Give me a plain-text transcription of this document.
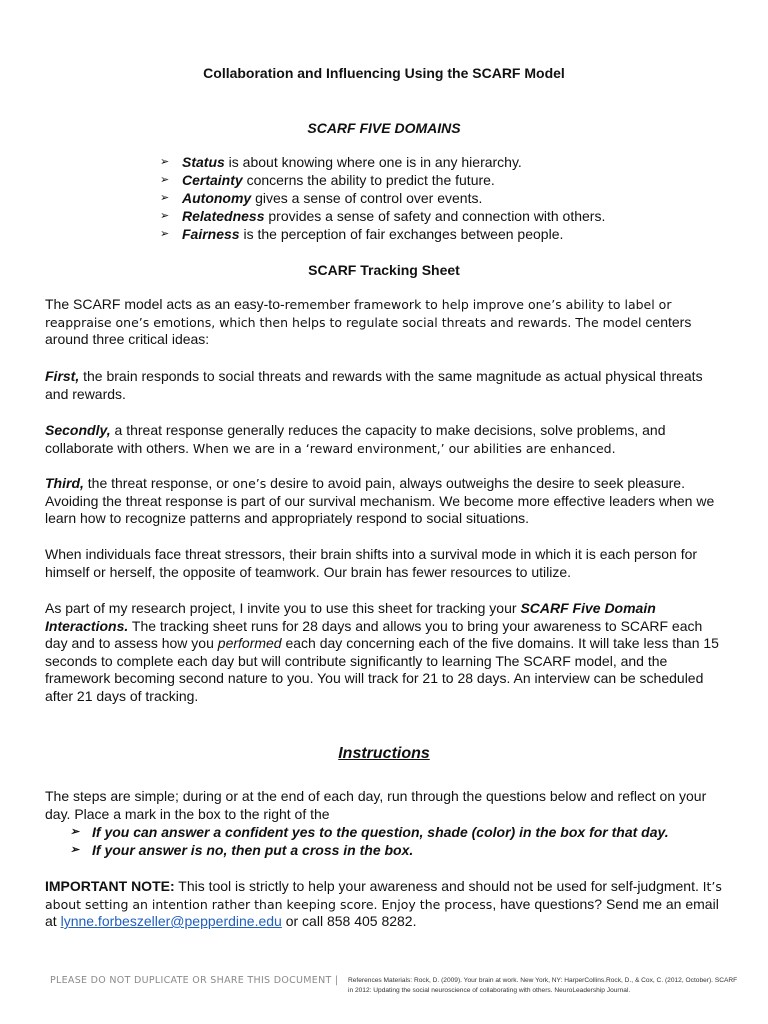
Collaboration and Influencing Using the SCARF Model
SCARF FIVE DOMAINS
➢ Status is about knowing where one is in any hierarchy.
➢ Certainty concerns the ability to predict the future.
➢ Autonomy gives a sense of control over events.
➢ Relatedness provides a sense of safety and connection with others.
➢ Fairness is the perception of fair exchanges between people.
SCARF Tracking Sheet

The SCARF model acts as an easy-to-remember framework to help improve one’s ability to label or reappraise one’s emotions, which then helps to regulate social threats and rewards. The model centers around three critical ideas:

First, the brain responds to social threats and rewards with the same magnitude as actual physical threats and rewards.

Secondly, a threat response generally reduces the capacity to make decisions, solve problems, and collaborate with others. When we are in a ‘reward environment,’ our abilities are enhanced.

Third, the threat response, or one’s desire to avoid pain, always outweighs the desire to seek pleasure. Avoiding the threat response is part of our survival mechanism. We become more effective leaders when we learn how to recognize patterns and appropriately respond to social situations.

When individuals face threat stressors, their brain shifts into a survival mode in which it is each person for himself or herself, the opposite of teamwork. Our brain has fewer resources to utilize.

As part of my research project, I invite you to use this sheet for tracking your SCARF Five Domain Interactions. The tracking sheet runs for 28 days and allows you to bring your awareness to SCARF each day and to assess how you performed each day concerning each of the five domains. It will take less than 15 seconds to complete each day but will contribute significantly to learning The SCARF model, and the framework becoming second nature to you. You will track for 21 to 28 days. An interview can be scheduled after 21 days of tracking.

Instructions

The steps are simple; during or at the end of each day, run through the questions below and reflect on your day. Place a mark in the box to the right of the

➢ If you can answer a confident yes to the question, shade (color) in the box for that day.
➢ If your answer is no, then put a cross in the box.

IMPORTANT NOTE: This tool is strictly to help your awareness and should not be used for self-judgment. It’s about setting an intention rather than keeping score. Enjoy the process, have questions? Send me an email at lynne.forbeszeller@pepperdine.edu or call 858 405 8282.

PLEASE DO NOT DUPLICATE OR SHARE THIS DOCUMENT | References Materials: Rock, D. (2009). Your brain at work. New York, NY: HarperCollins.Rock, D., & Cox, C. (2012, October). SCARF in 2012: Updating the social neuroscience of collaborating with others. NeuroLeadership Journal.
